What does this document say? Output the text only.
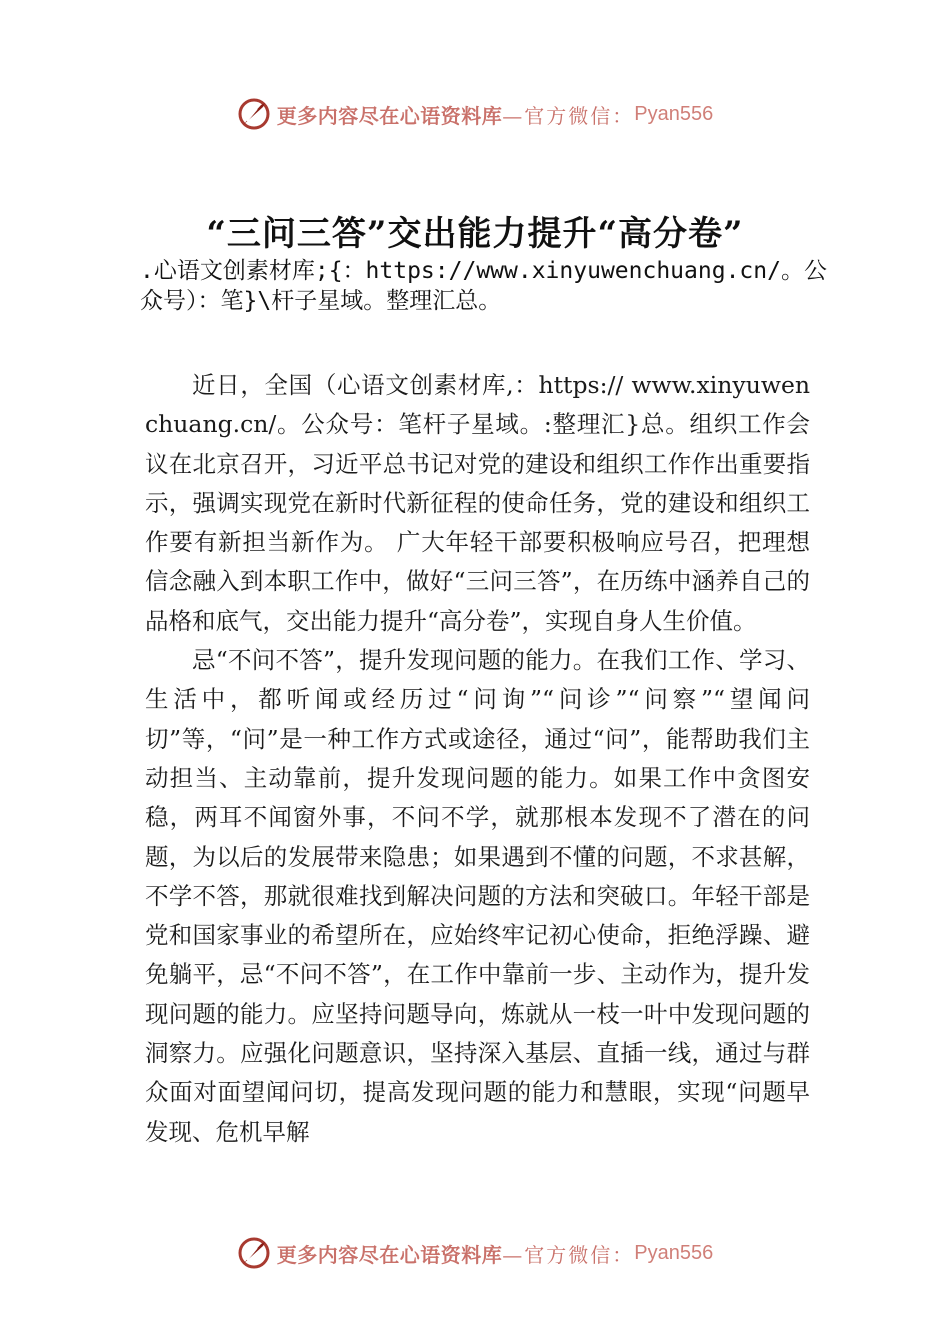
更多内容尽在心语资料库 —官方微信： Pyan556
“三问三答”交出能力提升“高分卷”
.心语文创素材库;{：https://www.xinyuwenchuang.cn/。公众号）：笔}\杆子星域。整理汇总。

近日，全国（心语文创素材库,：https:// www.xinyuwenchuang.cn/。公众号：笔杆子星域。:整理汇}总。组织工作会议在北京召开，习近平总书记对党的建设和组织工作作出重要指示，强调实现党在新时代新征程的使命任务，党的建设和组织工作要有新担当新作为。 广大年轻干部要积极响应号召，把理想信念融入到本职工作中，做好“三问三答”，在历练中涵养自己的品格和底气，交出能力提升“高分卷”，实现自身人生价值。

忌“不问不答”，提升发现问题的能力。在我们工作、学习、生活中，都听闻或经历过“问询”“问诊”“问察”“望闻问切”等，“问”是一种工作方式或途径，通过“问”，能帮助我们主动担当、主动靠前，提升发现问题的能力。如果工作中贪图安稳，两耳不闻窗外事，不问不学，就那根本发现不了潜在的问题，为以后的发展带来隐患；如果遇到不懂的问题，不求甚解，不学不答，那就很难找到解决问题的方法和突破口。年轻干部是党和国家事业的希望所在，应始终牢记初心使命，拒绝浮躁、避免躺平，忌“不问不答”，在工作中靠前一步、主动作为，提升发现问题的能力。应坚持问题导向，炼就从一枝一叶中发现问题的洞察力。应强化问题意识，坚持深入基层、直插一线，通过与群众面对面望闻问切，提高发现问题的能力和慧眼，实现“问题早发现、危机早解

更多内容尽在心语资料库 —官方微信： Pyan556
